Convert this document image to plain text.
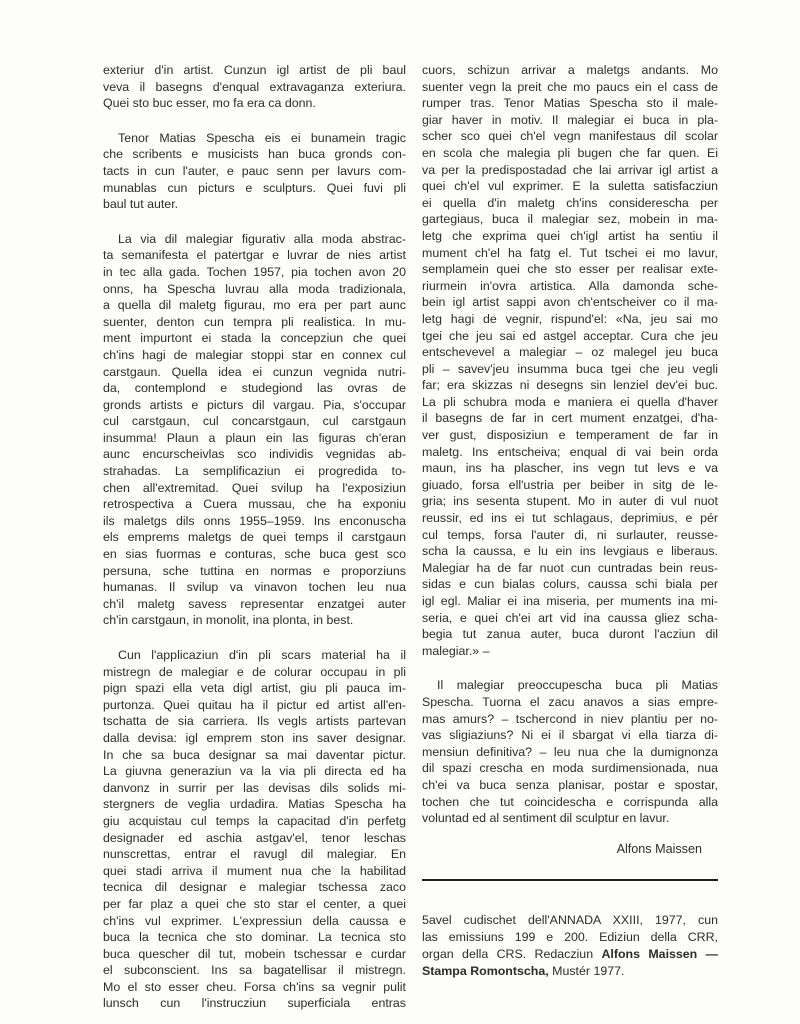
exteriur d'in artist. Cunzun igl artist de pli baul
veva il basegns d'enqual extravaganza exteriura.
Quei sto buc esser, mo fa era ca donn.
Tenor Matias Spescha eis ei bunamein tragic
che scribents e musicists han buca gronds con-
tacts in cun l'auter, e pauc senn per lavurs com-
munablas cun picturs e sculpturs. Quei fuvi pli
baul tut auter.
La via dil malegiar figurativ alla moda abstrac-
ta semanifesta el patertgar e luvrar de nies artist
in tec alla gada. Tochen 1957, pia tochen avon 20
onns, ha Spescha luvrau alla moda tradizionala,
a quella dil maletg figurau, mo era per part aunc
suenter, denton cun tempra pli realistica. In mu-
ment impurtont ei stada la concepziun che quei
ch'ins hagi de malegiar stoppi star en connex cul
carstgaun. Quella idea ei cunzun vegnida nutri-
da, contemplond e studegiond las ovras de
gronds artists e picturs dil vargau. Pia, s'occupar
cul carstgaun, cul concarstgaun, cul carstgaun
insumma! Plaun a plaun ein las figuras ch'eran
aunc encurscheivlas sco individis vegnidas ab-
strahadas. La semplificaziun ei progredida to-
chen all'extremitad. Quei svilup ha l'exposiziun
retrospectiva a Cuera mussau, che ha exponiu
ils maletgs dils onns 1955–1959. Ins enconuscha
els emprems maletgs de quei temps il carstgaun
en sias fuormas e conturas, sche buca gest sco
persuna, sche tuttina en normas e proporziuns
humanas. Il svilup va vinavon tochen leu nua
ch'il maletg savess representar enzatgei auter
ch'in carstgaun, in monolit, ina plonta, in best.
Cun l'applicaziun d'in pli scars material ha il
mistregn de malegiar e de colurar occupau in pli
pign spazi ella veta digl artist, giu pli pauca im-
purtonza. Quei quitau ha il pictur ed artist all'en-
tschatta de sia carriera. Ils vegls artists partevan
dalla devisa: igl emprem ston ins saver designar.
In che sa buca designar sa mai daventar pictur.
La giuvna generaziun va la via pli directa ed ha
danvonz in surrir per las devisas dils solids mi-
stergners de veglia urdadira. Matias Spescha ha
giu acquistau cul temps la capacitad d'in perfetg
designader ed aschia astgav'el, tenor leschas
nunscrettas, entrar el ravugl dil malegiar. En
quei stadi arriva il mument nua che la habilitad
tecnica dil designar e malegiar tschessa zaco
per far plaz a quei che sto star el center, a quei
ch'ins vul exprimer. L'expressiun della caussa e
buca la tecnica che sto dominar. La tecnica sto
buca quescher dil tut, mobein tschessar e curdar
el subconscient. Ins sa bagatellisar il mistregn.
Mo el sto esser cheu. Forsa ch'ins sa vegnir pulit
lunsch cun l'instrucziun superficiala entras
cuors, schizun arrivar a maletgs andants. Mo
suenter vegn la preit che mo paucs ein el cass de
rumper tras. Tenor Matias Spescha sto il male-
giar haver in motiv. Il malegiar ei buca in pla-
scher sco quei ch'el vegn manifestaus dil scolar
en scola che malegia pli bugen che far quen. Ei
va per la predispostadad che lai arrivar igl artist a
quei ch'el vul exprimer. E la suletta satisfacziun
ei quella d'in maletg ch'ins considerescha per
gartegiaus, buca il malegiar sez, mobein in ma-
letg che exprima quei ch'igl artist ha sentiu il
mument ch'el ha fatg el. Tut tschei ei mo lavur,
semplamein quei che sto esser per realisar exte-
riurmein in'ovra artistica. Alla damonda sche-
bein igl artist sappi avon ch'entscheiver co il ma-
letg hagi de vegnir, rispund'el: «Na, jeu sai mo
tgei che jeu sai ed astgel acceptar. Cura che jeu
entschevevel a malegiar – oz malegel jeu buca
pli – savev'jeu insumma buca tgei che jeu vegli
far; era skizzas ni desegns sin lenziel dev'ei buc.
La pli schubra moda e maniera ei quella d'haver
il basegns de far in cert mument enzatgei, d'ha-
ver gust, disposiziun e temperament de far in
maletg. Ins entscheiva; enqual di vai bein orda
maun, ins ha plascher, ins vegn tut levs e va
giuado, forsa ell'ustria per beiber in sitg de le-
gria; ins sesenta stupent. Mo in auter di vul nuot
reussir, ed ins ei tut schlagaus, deprimius, e pér
cul temps, forsa l'auter di, ni surlauter, reusse-
scha la caussa, e lu ein ins levgiaus e liberaus.
Malegiar ha de far nuot cun cuntradas bein reus-
sidas e cun bialas colurs, caussa schi biala per
igl egl. Maliar ei ina miseria, per muments ina mi-
seria, e quei ch'ei art vid ina caussa gliez scha-
begia tut zanua auter, buca duront l'acziun dil
malegiar.» –
Il malegiar preoccupescha buca pli Matias
Spescha. Tuorna el zacu anavos a sias empre-
mas amurs? – tschercond in niev plantiu per no-
vas sligiaziuns? Ni ei il sbargat vi ella tiarza di-
mensiun definitiva? – leu nua che la dumignonza
dil spazi crescha en moda surdimensionada, nua
ch'ei va buca senza planisar, postar e spostar,
tochen che tut coincidescha e corrispunda alla
voluntad ed al sentiment dil sculptur en lavur.
Alfons Maissen
5avel cudischet dell'ANNADA XXIII, 1977, cun
las emissiuns 199 e 200. Ediziun della CRR,
organ della CRS. Redacziun Alfons Maissen —
Stampa Romontscha, Mustér 1977.
